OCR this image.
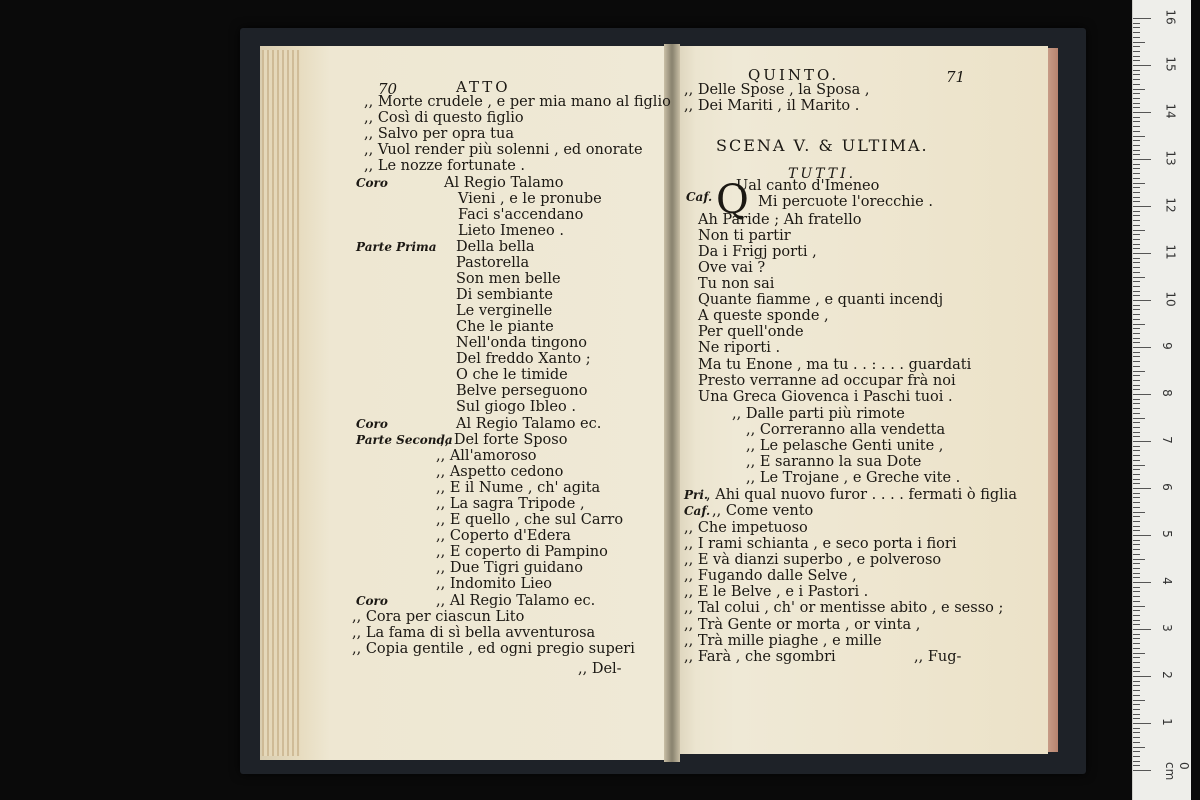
70	ATTO
QUINTO.	71
SCENA V. & ULTIMA.
TUTTI.
Caf. Q
,, Morte crudele , e per mia mano al figlio
,, Così di questo figlio
,, Salvo per opra tua
,, Vuol render più solenni , ed onorate
,, Le nozze fortunate .
Al Regio Talamo
Coro
Vieni , e le pronube
Faci s'accendano
Lieto Imeneo .
Della bella
Parte Prima
Pastorella
Son men belle
Di sembiante
Le verginelle
Che le piante
Nell'onda tingono
Del freddo Xanto ;
O che le timide
Belve perseguono
Sul giogo Ibleo .
Al Regio Talamo ec.
Coro
,, Del forte Sposo
Parte Seconda
,, All'amoroso
,, Aspetto cedono
,, E il Nume , ch' agita
,, La sagra Tripode ,
,, E quello , che sul Carro
,, Coperto d'Edera
,, E coperto di Pampino
,, Due Tigri guidano
,, Indomito Lieo
,, Al Regio Talamo ec.
Coro
,, Cora per ciascun Lito
,, La fama di sì bella avventurosa
,, Copia gentile , ed ogni pregio superi
,, Del-
,, Delle Spose , la Sposa ,
,, Dei Mariti , il Marito .
Ual canto d'Imeneo
Mi percuote l'orecchie .
Ah Paride ; Ah fratello
Non ti partir
Da i Frigj porti ,
Ove vai ?
Tu non sai
Quante fiamme , e quanti incendj
A queste sponde ,
Per quell'onde
Ne riporti .
Ma tu Enone , ma tu . . : . . . guardati
Presto verranne ad occupar frà noi
Una Greca Giovenca i Paschi tuoi .
,, Dalle parti più rimote
,, Correranno alla vendetta
,, Le pelasche Genti unite ,
,, E saranno la sua Dote
,, Le Trojane , e Greche vite .
, Ahi qual nuovo furor . . . . fermati ò figlia
Pri.
,, Come vento
Caf.
,, Che impetuoso
,, I rami schianta , e seco porta i fiori
,, E và dianzi superbo , e polveroso
,, Fugando dalle Selve ,
,, E le Belve , e i Pastori .
,, Tal colui , ch' or mentisse abito , e sesso ;
,, Trà Gente or morta , or vinta ,
,, Trà mille piaghe , e mille
,, Farà , che sgombri	,, Fug-
0 cm
1
2
3
4
5
6
7
8
9
10
11
12
13
14
15
16
